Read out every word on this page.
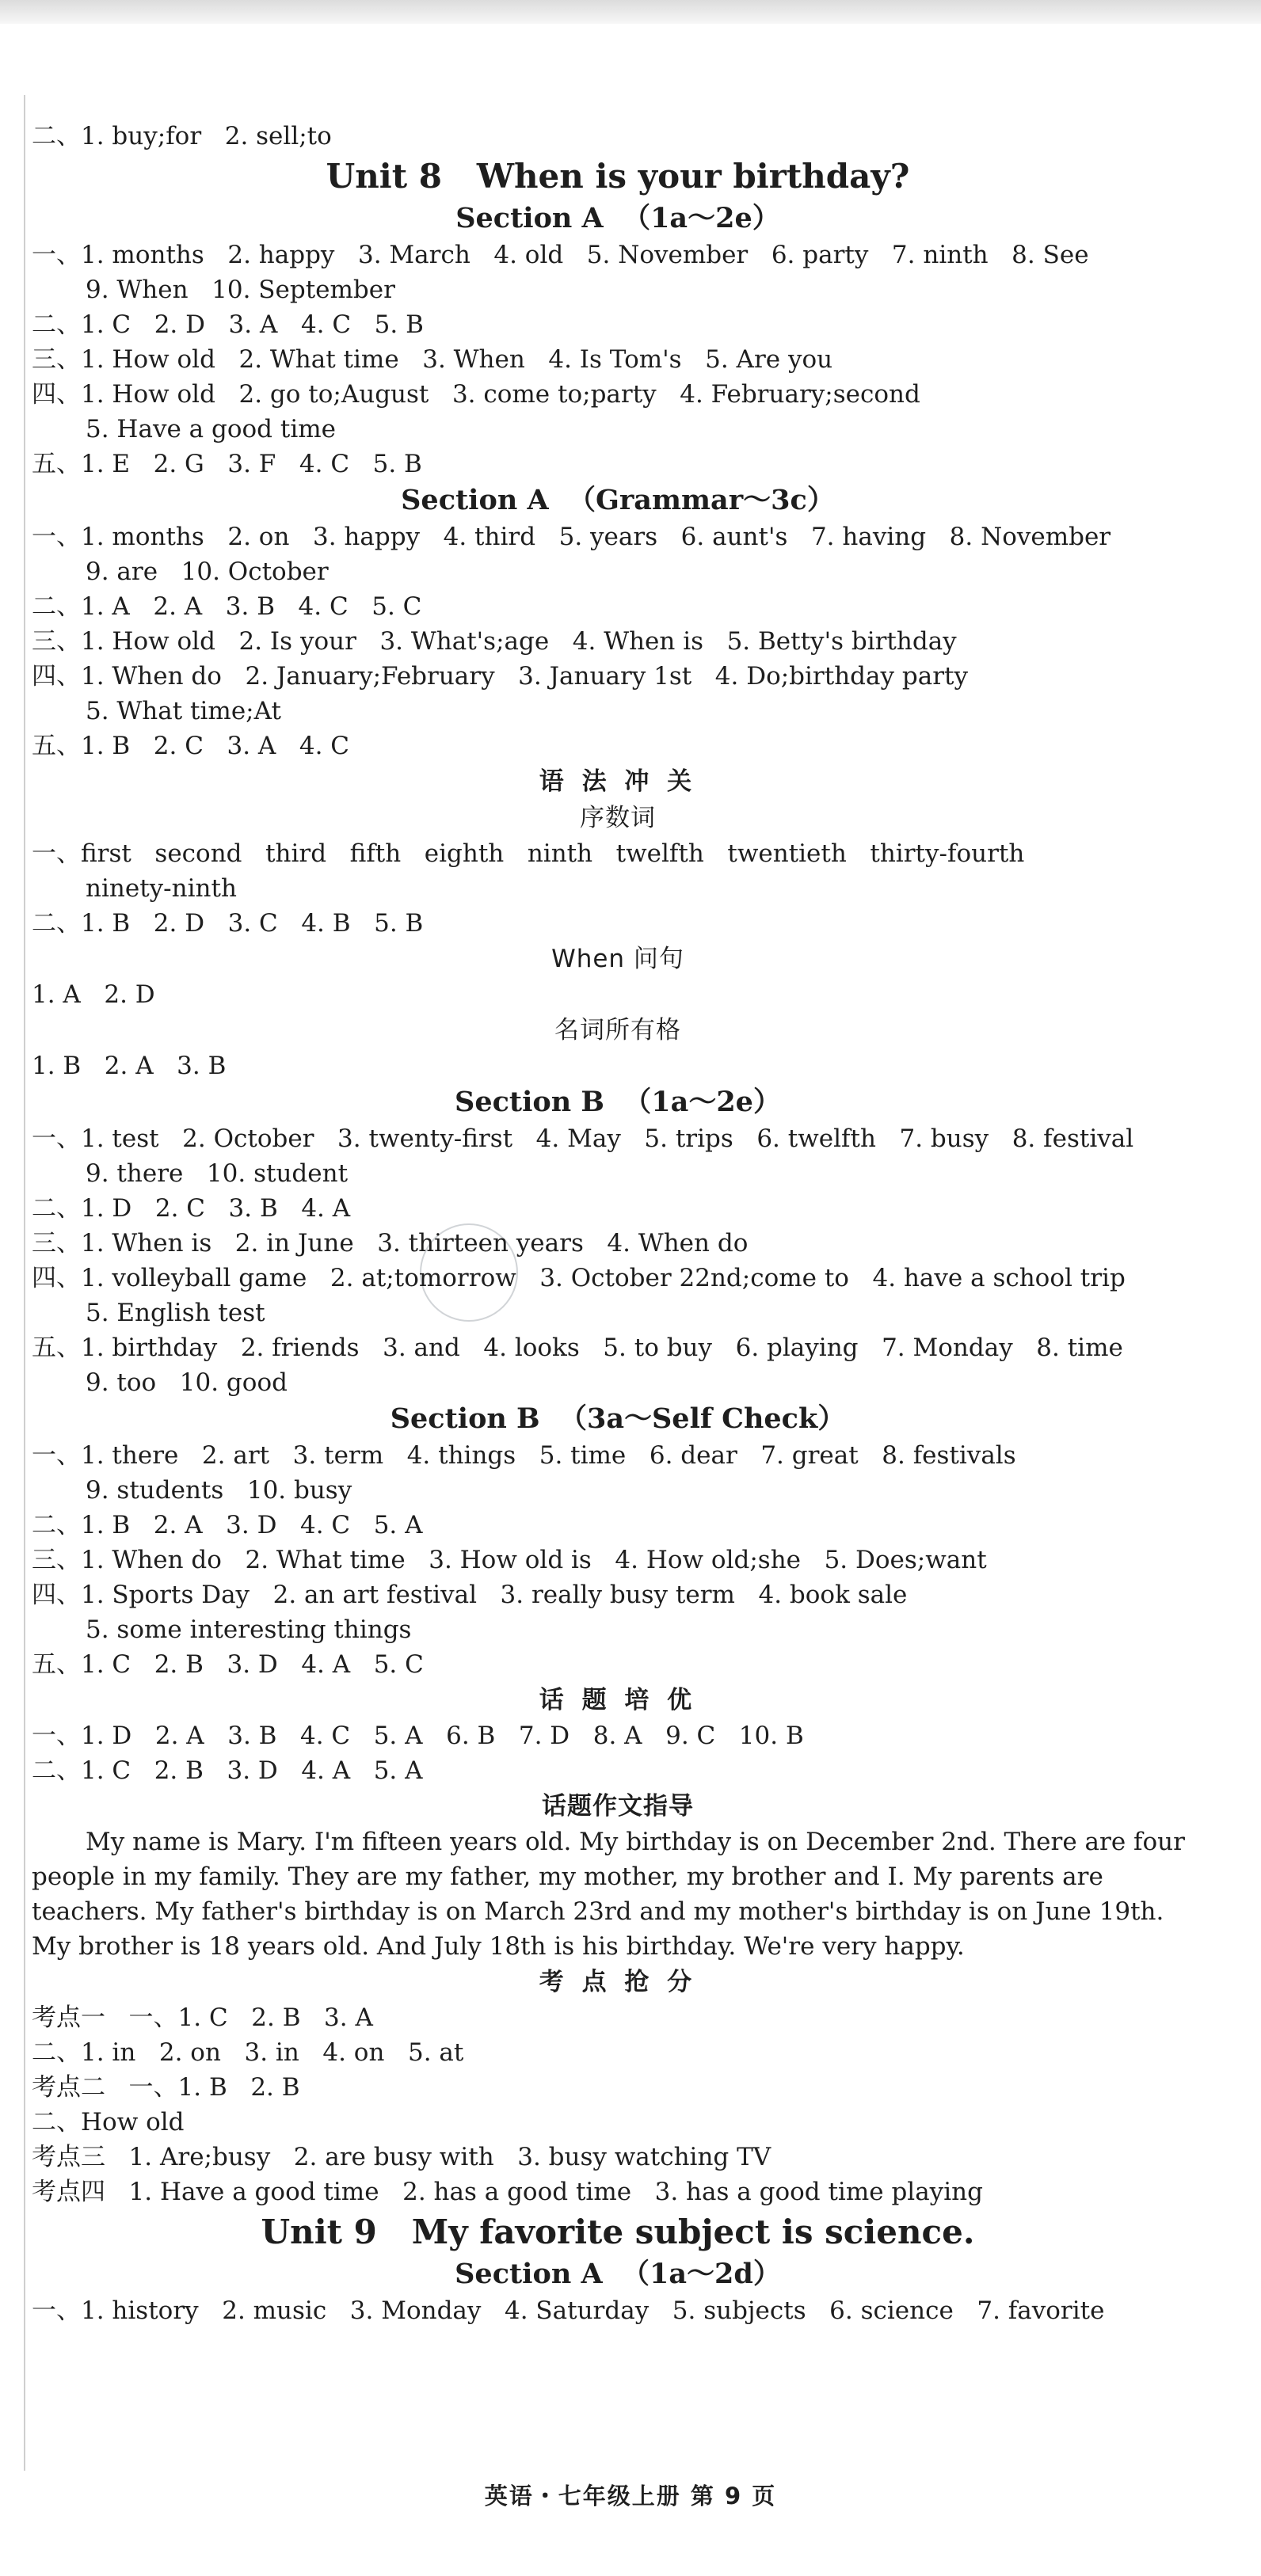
二、1. buy;for   2. sell;to

Unit 8   When is your birthday?

Section A  （1a～2e）

一、1. months   2. happy   3. March   4. old   5. November   6. party   7. ninth   8. See

9. When   10. September

二、1. C   2. D   3. A   4. C   5. B

三、1. How old   2. What time   3. When   4. Is Tom's   5. Are you

四、1. How old   2. go to;August   3. come to;party   4. February;second

5. Have a good time

五、1. E   2. G   3. F   4. C   5. B

Section A  （Grammar～3c）

一、1. months   2. on   3. happy   4. third   5. years   6. aunt's   7. having   8. November

9. are   10. October

二、1. A   2. A   3. B   4. C   5. C

三、1. How old   2. Is your   3. What's;age   4. When is   5. Betty's birthday

四、1. When do   2. January;February   3. January 1st   4. Do;birthday party

5. What time;At

五、1. B   2. C   3. A   4. C

语 法 冲 关

序数词

一、first   second   third   fifth   eighth   ninth   twelfth   twentieth   thirty-fourth

ninety-ninth

二、1. B   2. D   3. C   4. B   5. B

When 问句

1. A   2. D

名词所有格

1. B   2. A   3. B

Section B  （1a～2e）

一、1. test   2. October   3. twenty-first   4. May   5. trips   6. twelfth   7. busy   8. festival

9. there   10. student

二、1. D   2. C   3. B   4. A

三、1. When is   2. in June   3. thirteen years   4. When do

四、1. volleyball game   2. at;tomorrow   3. October 22nd;come to   4. have a school trip

5. English test

五、1. birthday   2. friends   3. and   4. looks   5. to buy   6. playing   7. Monday   8. time

9. too   10. good

Section B  （3a～Self Check）

一、1. there   2. art   3. term   4. things   5. time   6. dear   7. great   8. festivals

9. students   10. busy

二、1. B   2. A   3. D   4. C   5. A

三、1. When do   2. What time   3. How old is   4. How old;she   5. Does;want

四、1. Sports Day   2. an art festival   3. really busy term   4. book sale

5. some interesting things

五、1. C   2. B   3. D   4. A   5. C

话 题 培 优

一、1. D   2. A   3. B   4. C   5. A   6. B   7. D   8. A   9. C   10. B

二、1. C   2. B   3. D   4. A   5. A

话题作文指导

My name is Mary. I'm fifteen years old. My birthday is on December 2nd. There are four people in my family. They are my father, my mother, my brother and I. My parents are teachers. My father's birthday is on March 23rd and my mother's birthday is on June 19th. My brother is 18 years old. And July 18th is his birthday. We're very happy.

考 点 抢 分

考点一   一、1. C   2. B   3. A

二、1. in   2. on   3. in   4. on   5. at

考点二   一、1. B   2. B

二、How old

考点三   1. Are;busy   2. are busy with   3. busy watching TV

考点四   1. Have a good time   2. has a good time   3. has a good time playing

Unit 9   My favorite subject is science.

Section A  （1a～2d）

一、1. history   2. music   3. Monday   4. Saturday   5. subjects   6. science   7. favorite

英语・七年级上册 第 9 页
